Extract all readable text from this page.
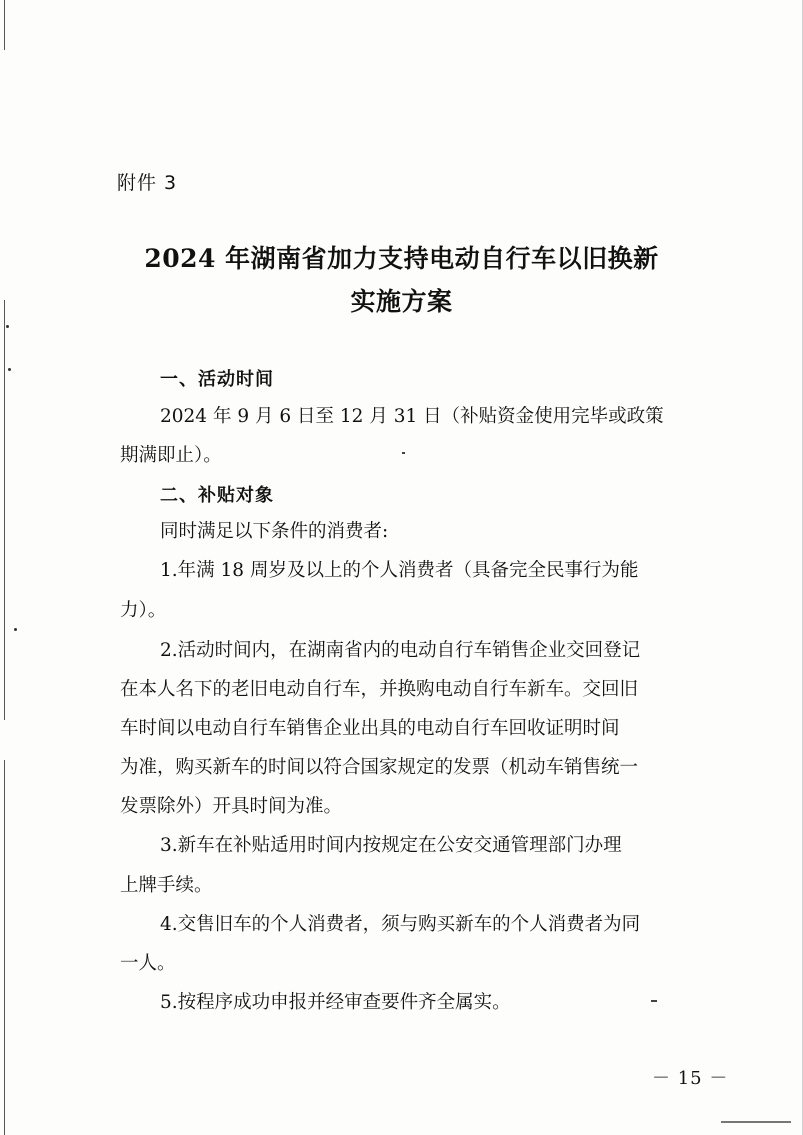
附件 3
2024 年湖南省加力支持电动自行车以旧换新
实施方案
一、活动时间
2024 年 9 月 6 日至 12 月 31 日（补贴资金使用完毕或政策
期满即止）。
二、补贴对象
同时满足以下条件的消费者:
1.年满 18 周岁及以上的个人消费者（具备完全民事行为能
力）。
2.活动时间内，在湖南省内的电动自行车销售企业交回登记
在本人名下的老旧电动自行车，并换购电动自行车新车。交回旧
车时间以电动自行车销售企业出具的电动自行车回收证明时间
为准，购买新车的时间以符合国家规定的发票（机动车销售统一
发票除外）开具时间为准。
3.新车在补贴适用时间内按规定在公安交通管理部门办理
上牌手续。
4.交售旧车的个人消费者，须与购买新车的个人消费者为同
一人。
5.按程序成功申报并经审查要件齐全属实。
－ 15 －
